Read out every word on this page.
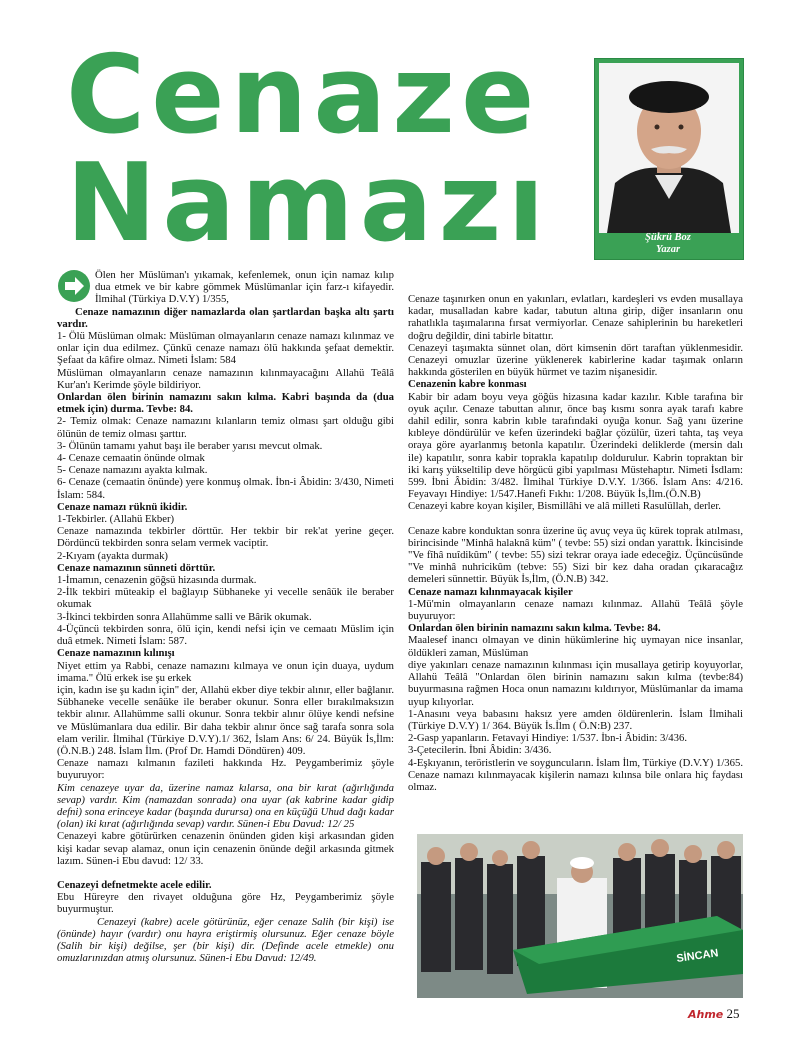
Cenaze
Namazı	Şükrü Boz
Yazar

Ölen her Müslüman'ı yıkamak, kefenlemek, onun için namaz kılıp dua etmek ve bir kabre gömmek Müslümanlar için farz-ı kifayedir. İlmihal (Türkiya D.V.Y) 1/355,

Cenaze namazının diğer namazlarda olan şartlardan başka altı şartı vardır.

1- Ölü Müslüman olmak: Müslüman olmayanların cenaze namazı kılınmaz ve onlar için dua edilmez. Çünkü cenaze namazı ölü hakkında şefaat demektir. Şefaat da kâfire olmaz. Nimeti İslam: 584

Müslüman olmayanların cenaze namazının kılınmayacağını Allahü Teâlâ Kur'an'ı Kerimde şöyle bildiriyor.

Onlardan ölen birinin namazını sakın kılma. Kabri başında da (dua etmek için) durma. Tevbe: 84.

2- Temiz olmak: Cenaze namazını kılanların temiz olması şart olduğu gibi ölünün de temiz olması şarttır.

3- Ölünün tamamı yahut başı ile beraber yarısı mevcut olmak.

4- Cenaze cemaatin önünde olmak

5- Cenaze namazını ayakta kılmak.

6- Cenaze (cemaatin önünde) yere konmuş olmak. İbn-i Âbidin: 3/430, Nimeti İslam: 584.

Cenaze namazı rüknü ikidir.

1-Tekbirler. (Allahü Ekber)

Cenaze namazında tekbirler dörttür. Her tekbir bir rek'at yerine geçer. Dördüncü tekbirden sonra selam vermek vaciptir.

2-Kıyam (ayakta durmak)

Cenaze namazının sünneti dörttür.

1-İmamın, cenazenin göğsü hizasında durmak.

2-İlk tekbiri müteakip el bağlayıp Sübhaneke yi vecelle senâük ile beraber okumak

3-İkinci tekbirden sonra Allahümme salli ve Bârik okumak.

4-Üçüncü tekbirden sonra, ölü için, kendi nefsi için ve cemaatı Müslim için duâ etmek. Nimeti İslam: 587.

Cenaze namazının kılınışı

Niyet ettim ya Rabbi, cenaze namazını kılmaya ve onun için duaya, uydum imama." Ölü erkek ise şu erkek

için, kadın ise şu kadın için" der, Allahü ekber diye tekbir alınır, eller bağlanır. Sübhaneke vecelle senâüke ile beraber okunur. Sonra eller bırakılmaksızın tekbir alınır. Allahümme salli okunur. Sonra tekbir alınır ölüye kendi nefsine ve Müslümanlara dua edilir. Bir daha tekbir alınır önce sağ tarafa sonra sola elam verilir. İlmihal (Türkiye D.V.Y).1/ 362, İslam Ans: 6/ 24. Büyük İs,İlm: (Ö.N.B.) 248. İslam İlm. (Prof Dr. Hamdi Döndüren) 409.

Cenaze namazı kılmanın fazileti hakkında Hz. Peygamberimiz şöyle buyuruyor:

Kim cenazeye uyar da, üzerine namaz kılarsa, ona bir kırat (ağırlığında sevap) vardır. Kim (namazdan sonrada) ona uyar (ak kabrine kadar gidip defni) sona erinceye kadar (başında durursa) ona en küçüğü Uhud dağı kadar (olan) iki kırat (ağırlığında sevap) vardır. Sünen-i Ebu Davud: 12/ 25

Cenazeyi kabre götürürken cenazenin önünden giden kişi arkasından giden kişi kadar sevap alamaz, onun için cenazenin önünde değil arkasında gitmek lazım. Sünen-i Ebu davud: 12/ 33.

Cenazeyi defnetmekte acele edilir.

Ebu Hüreyre den rivayet olduğuna göre Hz, Peygamberimiz şöyle buyurmuştur.

Cenazeyi (kabre) acele götürünüz, eğer cenaze Salih (bir kişi) ise (önünde) hayır (vardır) onu hayra eriştirmiş olursunuz. Eğer cenaze böyle (Salih bir kişi) değilse, şer (bir kişi) dir. (Definde acele etmekle) onu omuzlarınızdan atmış olursunuz. Sünen-i Ebu Davud: 12/49.

Cenaze taşınırken onun en yakınları, evlatları, kardeşleri vs evden musallaya kadar, musalladan kabre kadar, tabutun altına girip, diğer insanların onu rahatlıkla taşımalarına fırsat vermiyorlar. Cenaze sahiplerinin bu hareketleri doğru değildir, dini tabirle bitattır.

Cenazeyi taşımakta sünnet olan, dört kimsenin dört taraftan yüklenmesidir. Cenazeyi omuzlar üzerine yüklenerek kabirlerine kadar taşımak onların hakkında gösterilen en büyük hürmet ve tazim nişanesidir.

Cenazenin kabre konması

Kabir bir adam boyu veya göğüs hizasına kadar kazılır. Kıble tarafına bir oyuk açılır. Cenaze tabuttan alınır, önce baş kısmı sonra ayak tarafı kabre dahil edilir, sonra kabrin kıble tarafındaki oyuğa konur. Sağ yanı üzerine kıbleye döndürülür ve kefen üzerindeki bağlar çözülür, üzeri tahta, taş veya oraya göre ayarlanmış betonla kapatılır. Üzerindeki deliklerde (mersin dalı ile) kapatılır, sonra kabir toprakla kapatılıp doldurulur. Kabrin topraktan bir iki karış yükseltilip deve hörgücü gibi yapılması Müstehaptır. Nimeti İsdlam: 599. İbni Âbidin: 3/482. İlmihal Türkiye D.V.Y. 1/366. İslam Ans: 4/216. Feyavayı Hindiye: 1/547.Hanefi Fıkhı: 1/208. Büyük İs,İlm.(Ö.N.B)

Cenazeyi kabre koyan kişiler, Bismillâhi ve alâ milleti Rasulüllah, derler.

Cenaze kabre konduktan sonra üzerine üç avuç veya üç kürek toprak atılması, birincisinde "Minhâ halaknâ küm" ( tevbe: 55) sizi ondan yarattık. İkincisinde "Ve fîhâ nuîdikûm" ( tevbe: 55) sizi tekrar oraya iade edeceğiz. Üçüncüsünde "Ve minhâ nuhricikûm (tebve: 55) Sizi bir kez daha oradan çıkaracağız demeleri sünnettir. Büyük İs,İlm, (Ö.N.B) 342.

Cenaze namazı kılınmayacak kişiler

1-Mü'min olmayanların cenaze namazı kılınmaz. Allahü Teâlâ şöyle buyuruyor:

Onlardan ölen birinin namazını sakın kılma. Tevbe: 84.

Maalesef inancı olmayan ve dinin hükümlerine hiç uymayan nice insanlar, öldükleri zaman, Müslüman

diye yakınları cenaze namazının kılınması için musallaya getirip koyuyorlar, Allahü Teâlâ "Onlardan ölen birinin namazını sakın kılma (tevbe:84) buyurmasına rağmen Hoca onun namazını kıldırıyor, Müslümanlar da imama uyup kılıyorlar.

1-Anasını veya babasını haksız yere amden öldürenlerin. İslam İlmihali (Türkiye D.V.Y) 1/ 364. Büyük İs.İlm ( Ö.N:B) 237.

2-Gasp yapanların. Fetavayi Hindiye: 1/537. İbn-i Âbidin: 3/436.

3-Çetecilerin. İbni Âbidin: 3/436.

4-Eşkıyanın, teröristlerin ve soyguncuların. İslam İlm, Türkiye (D.V.Y) 1/365.

Cenaze namazı kılınmayacak kişilerin namazı kılınsa bile onlara hiç faydası olmaz.

SİNCAN
Ahme 25
